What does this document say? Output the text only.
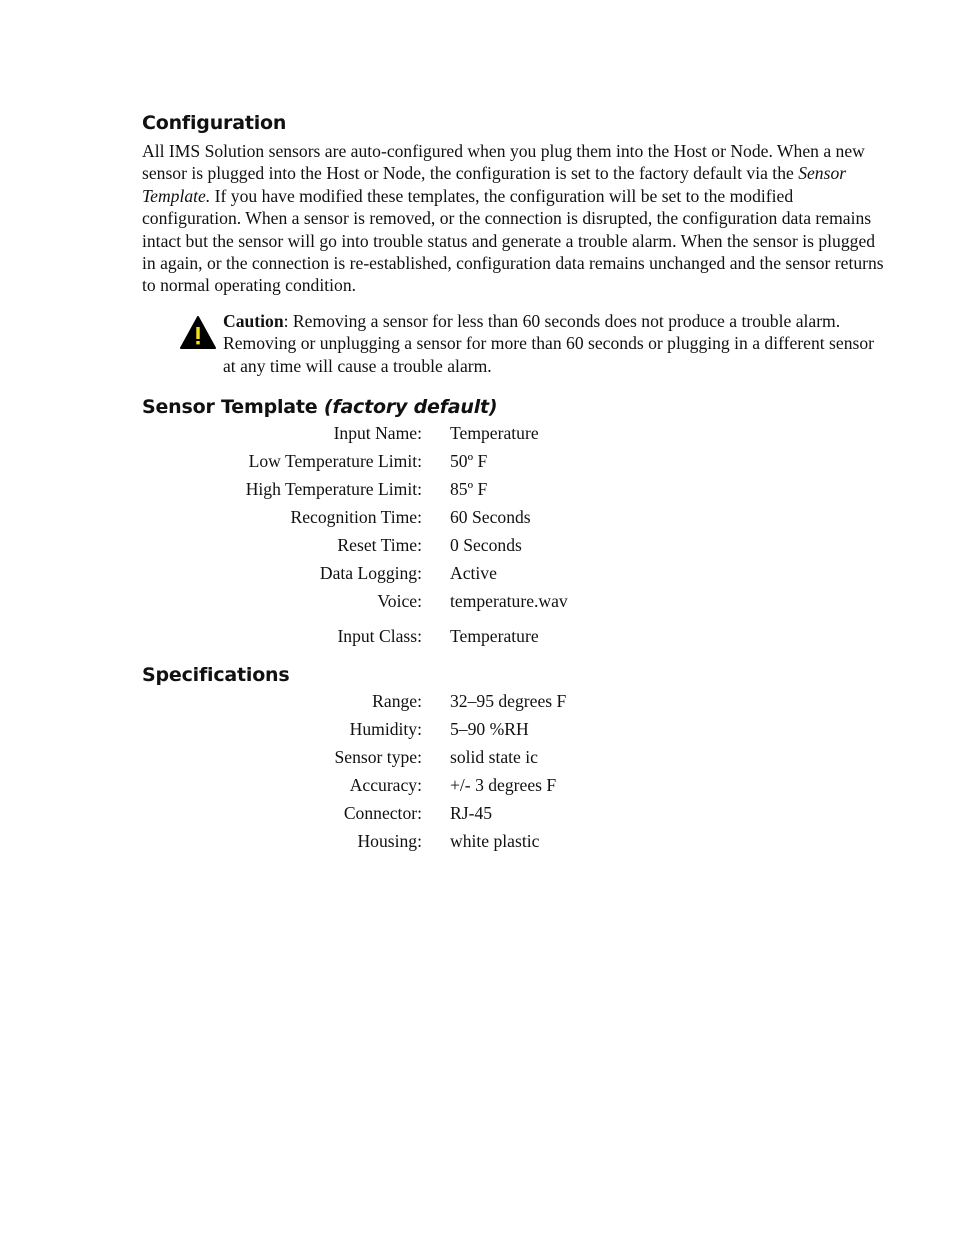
Configuration

All IMS Solution sensors are auto-configured when you plug them into the Host or Node. When a new sensor is plugged into the Host or Node, the configuration is set to the factory default via the Sensor Template. If you have modified these templates, the configuration will be set to the modified configuration. When a sensor is removed, or the connection is disrupted, the configuration data remains intact but the sensor will go into trouble status and generate a trouble alarm. When the sensor is plugged in again, or the connection is re-established, configuration data remains unchanged and the sensor returns to normal operating condition.

Caution: Removing a sensor for less than 60 seconds does not produce a trouble alarm. Removing or unplugging a sensor for more than 60 seconds or plugging in a different sensor at any time will cause a trouble alarm.

Sensor Template (factory default)
Input Name:	Temperature
Low Temperature Limit:	50º F
High Temperature Limit:	85º F
Recognition Time:	60 Seconds
Reset Time:	0 Seconds
Data Logging:	Active
Voice:	temperature.wav
Input Class:	Temperature
Specifications
Range:	32–95 degrees F
Humidity:	5–90 %RH
Sensor type:	solid state ic
Accuracy:	+/- 3 degrees F
Connector:	RJ-45
Housing:	white plastic
